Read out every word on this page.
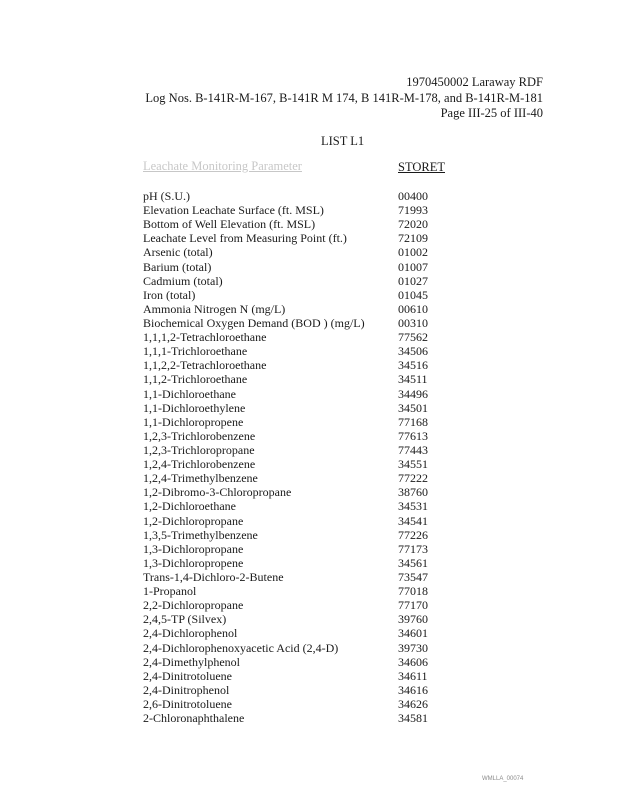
1970450002 Laraway RDF
Log Nos. B-141R-M-167, B-141R M 174, B 141R-M-178, and B-141R-M-181
Page III-25 of III-40
LIST L1
Leachate Monitoring Parameter	STORET
pH (S.U.)	00400
Elevation Leachate Surface (ft. MSL)	71993
Bottom of Well Elevation (ft. MSL)	72020
Leachate Level from Measuring Point (ft.)	72109
Arsenic (total)	01002
Barium (total)	01007
Cadmium (total)	01027
Iron (total)	01045
Ammonia Nitrogen N (mg/L)	00610
Biochemical Oxygen Demand (BOD ) (mg/L)	00310
1,1,1,2-Tetrachloroethane	77562
1,1,1-Trichloroethane	34506
1,1,2,2-Tetrachloroethane	34516
1,1,2-Trichloroethane	34511
1,1-Dichloroethane	34496
1,1-Dichloroethylene	34501
1,1-Dichloropropene	77168
1,2,3-Trichlorobenzene	77613
1,2,3-Trichloropropane	77443
1,2,4-Trichlorobenzene	34551
1,2,4-Trimethylbenzene	77222
1,2-Dibromo-3-Chloropropane	38760
1,2-Dichloroethane	34531
1,2-Dichloropropane	34541
1,3,5-Trimethylbenzene	77226
1,3-Dichloropropane	77173
1,3-Dichloropropene	34561
Trans-1,4-Dichloro-2-Butene	73547
1-Propanol	77018
2,2-Dichloropropane	77170
2,4,5-TP (Silvex)	39760
2,4-Dichlorophenol	34601
2,4-Dichlorophenoxyacetic Acid (2,4-D)	39730
2,4-Dimethylphenol	34606
2,4-Dinitrotoluene	34611
2,4-Dinitrophenol	34616
2,6-Dinitrotoluene	34626
2-Chloronaphthalene	34581
WMLLA_00074
